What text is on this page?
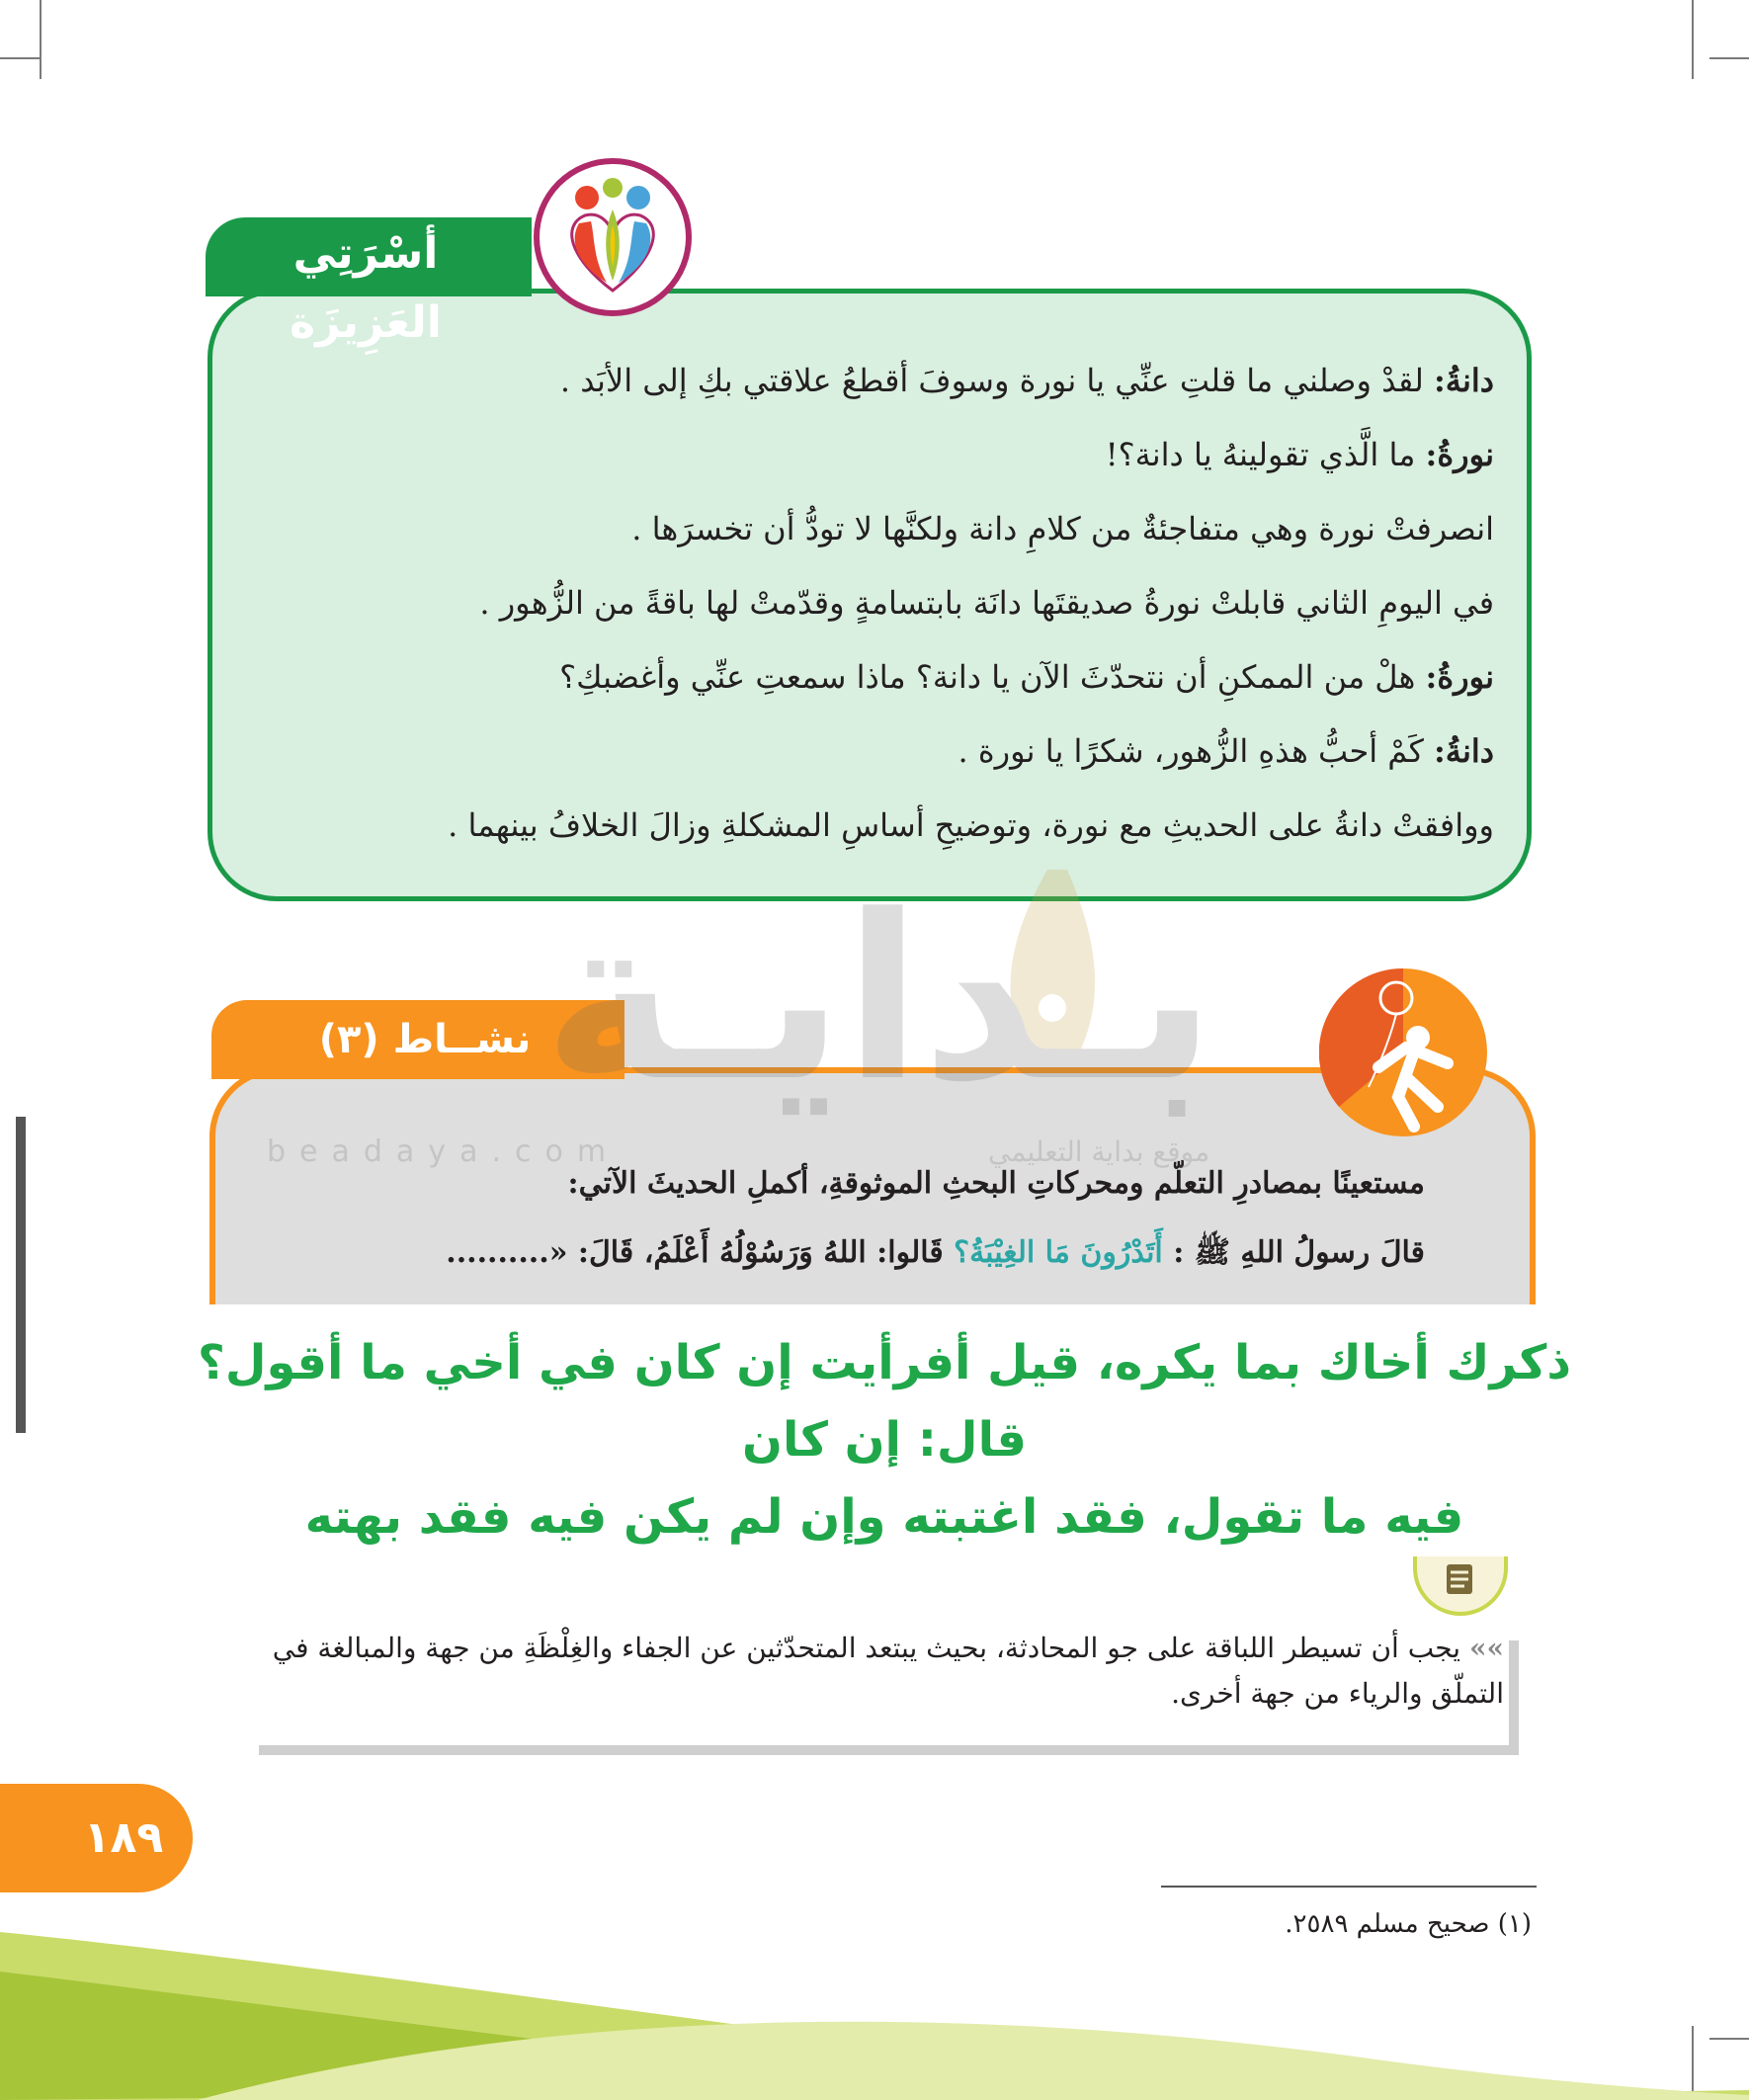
أسْرَتِي العَزِيزَة
دانةُ: لقدْ وصلني ما قلتِ عنِّي يا نورة وسوفَ أقطعُ علاقتي بكِ إلى الأبَد .
نورةُ: ما الَّذي تقولينهُ يا دانة؟!
انصرفتْ نورة وهي متفاجئةٌ من كلامِ دانة ولكنَّها لا تودُّ أن تخسرَها .
في اليومِ الثاني قابلتْ نورةُ صديقتَها دانَة بابتسامةٍ وقدّمتْ لها باقةً من الزُّهور .
نورةُ: هلْ من الممكنِ أن نتحدّثَ الآن يا دانة؟ ماذا سمعتِ عنِّي وأغضبكِ؟
دانةُ: كَمْ أحبُّ هذهِ الزُّهور، شكرًا يا نورة .
ووافقتْ دانةُ على الحديثِ مع نورة، وتوضيحِ أساسِ المشكلةِ وزالَ الخلافُ بينهما .
نشــاط (٣)
مستعينًا بمصادرِ التعلّم ومحركاتِ البحثِ الموثوقةِ، أكملِ الحديثَ الآتي:
قالَ رسولُ اللهِ ﷺ : أَتَدْرُونَ مَا الغِيْبَةُ؟ قَالوا: اللهُ وَرَسُوْلُهُ أَعْلَمُ، قَالَ: «..........
بـدايـة
beadaya.com	موقع بداية التعليمي
ذكرك أخاك بما يكره، قيل أفرأيت إن كان في أخي ما أقول؟ قال: إن كان
فيه ما تقول، فقد اغتبته وإن لم يكن فيه فقد بهته
»» يجب أن تسيطر اللباقة على جو المحادثة، بحيث يبتعد المتحدّثين عن الجفاء والغِلْظَةِ من جهة والمبالغة في التملّق والرياء من جهة أخرى.
١٨٩
(١) صحيح مسلم ٢٥٨٩.
